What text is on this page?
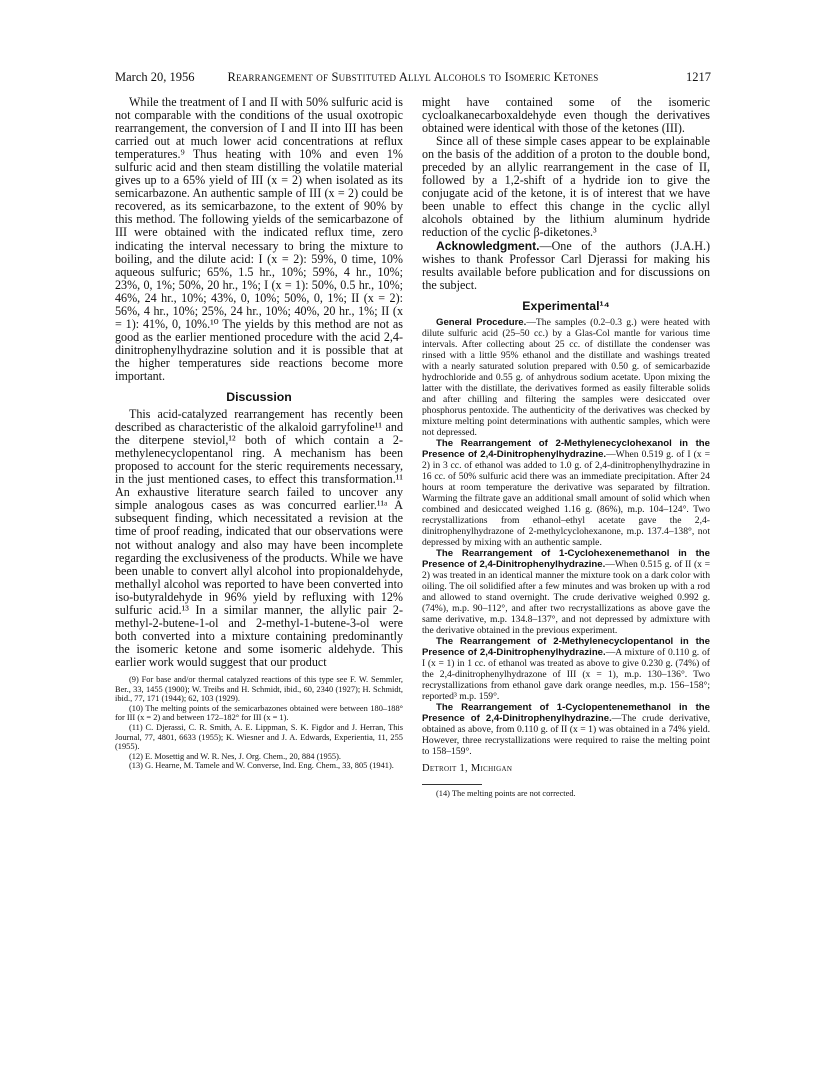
March 20, 1956	Rearrangement of Substituted Allyl Alcohols to Isomeric Ketones	1217

While the treatment of I and II with 50% sulfuric acid is not comparable with the conditions of the usual oxotropic rearrangement, the conversion of I and II into III has been carried out at much lower acid concentrations at reflux temperatures.⁹ Thus heating with 10% and even 1% sulfuric acid and then steam distilling the volatile material gives up to a 65% yield of III (x = 2) when isolated as its semicarbazone. An authentic sample of III (x = 2) could be recovered, as its semicarbazone, to the extent of 90% by this method. The following yields of the semicarbazone of III were obtained with the indicated reflux time, zero indicating the interval necessary to bring the mixture to boiling, and the dilute acid: I (x = 2): 59%, 0 time, 10% aqueous sulfuric; 65%, 1.5 hr., 10%; 59%, 4 hr., 10%; 23%, 0, 1%; 50%, 20 hr., 1%; I (x = 1): 50%, 0.5 hr., 10%; 46%, 24 hr., 10%; 43%, 0, 10%; 50%, 0, 1%; II (x = 2): 56%, 4 hr., 10%; 25%, 24 hr., 10%; 40%, 20 hr., 1%; II (x = 1): 41%, 0, 10%.¹⁰ The yields by this method are not as good as the earlier mentioned procedure with the acid 2,4-dinitrophenylhydrazine solution and it is possible that at the higher temperatures side reactions become more important.

Discussion

This acid-catalyzed rearrangement has recently been described as characteristic of the alkaloid garryfoline¹¹ and the diterpene steviol,¹² both of which contain a 2-methylenecyclopentanol ring. A mechanism has been proposed to account for the steric requirements necessary, in the just mentioned cases, to effect this transformation.¹¹ An exhaustive literature search failed to uncover any simple analogous cases as was concurred earlier.¹¹ᵃ A subsequent finding, which necessitated a revision at the time of proof reading, indicated that our observations were not without analogy and also may have been incomplete regarding the exclusiveness of the products. While we have been unable to convert allyl alcohol into propionaldehyde, methallyl alcohol was reported to have been converted into iso-butyraldehyde in 96% yield by refluxing with 12% sulfuric acid.¹³ In a similar manner, the allylic pair 2-methyl-2-butene-1-ol and 2-methyl-1-butene-3-ol were both converted into a mixture containing predominantly the isomeric ketone and some isomeric aldehyde. This earlier work would suggest that our product

(9) For base and/or thermal catalyzed reactions of this type see F. W. Semmler, Ber., 33, 1455 (1900); W. Treibs and H. Schmidt, ibid., 60, 2340 (1927); H. Schmidt, ibid., 77, 171 (1944); 62, 103 (1929).

(10) The melting points of the semicarbazones obtained were between 180–188° for III (x = 2) and between 172–182° for III (x = 1).

(11) C. Djerassi, C. R. Smith, A. E. Lippman, S. K. Figdor and J. Herran, This Journal, 77, 4801, 6633 (1955); K. Wiesner and J. A. Edwards, Experientia, 11, 255 (1955).

(12) E. Mosettig and W. R. Nes, J. Org. Chem., 20, 884 (1955).

(13) G. Hearne, M. Tamele and W. Converse, Ind. Eng. Chem., 33, 805 (1941).

might have contained some of the isomeric cycloalkanecarboxaldehyde even though the derivatives obtained were identical with those of the ketones (III).

Since all of these simple cases appear to be explainable on the basis of the addition of a proton to the double bond, preceded by an allylic rearrangement in the case of II, followed by a 1,2-shift of a hydride ion to give the conjugate acid of the ketone, it is of interest that we have been unable to effect this change in the cyclic allyl alcohols obtained by the lithium aluminum hydride reduction of the cyclic β-diketones.³

Acknowledgment.—One of the authors (J.A.H.) wishes to thank Professor Carl Djerassi for making his results available before publication and for discussions on the subject.

Experimental¹⁴

General Procedure.—The samples (0.2–0.3 g.) were heated with dilute sulfuric acid (25–50 cc.) by a Glas-Col mantle for various time intervals. After collecting about 25 cc. of distillate the condenser was rinsed with a little 95% ethanol and the distillate and washings treated with a nearly saturated solution prepared with 0.50 g. of semicarbazide hydrochloride and 0.55 g. of anhydrous sodium acetate. Upon mixing the latter with the distillate, the derivatives formed as easily filterable solids and after chilling and filtering the samples were desiccated over phosphorus pentoxide. The authenticity of the derivatives was checked by mixture melting point determinations with authentic samples, which were not depressed.

The Rearrangement of 2-Methylenecyclohexanol in the Presence of 2,4-Dinitrophenylhydrazine.—When 0.519 g. of I (x = 2) in 3 cc. of ethanol was added to 1.0 g. of 2,4-dinitrophenylhydrazine in 16 cc. of 50% sulfuric acid there was an immediate precipitation. After 24 hours at room temperature the derivative was separated by filtration. Warming the filtrate gave an additional small amount of solid which when combined and desiccated weighed 1.16 g. (86%), m.p. 104–124°. Two recrystallizations from ethanol–ethyl acetate gave the 2,4-dinitrophenylhydrazone of 2-methylcyclohexanone, m.p. 137.4–138°, not depressed by mixing with an authentic sample.

The Rearrangement of 1-Cyclohexenemethanol in the Presence of 2,4-Dinitrophenylhydrazine.—When 0.515 g. of II (x = 2) was treated in an identical manner the mixture took on a dark color with oiling. The oil solidified after a few minutes and was broken up with a rod and allowed to stand overnight. The crude derivative weighed 0.992 g. (74%), m.p. 90–112°, and after two recrystallizations as above gave the same derivative, m.p. 134.8–137°, and not depressed by admixture with the derivative obtained in the previous experiment.

The Rearrangement of 2-Methylenecyclopentanol in the Presence of 2,4-Dinitrophenylhydrazine.—A mixture of 0.110 g. of I (x = 1) in 1 cc. of ethanol was treated as above to give 0.230 g. (74%) of the 2,4-dinitrophenylhydrazone of III (x = 1), m.p. 130–136°. Two recrystallizations from ethanol gave dark orange needles, m.p. 156–158°; reported³ m.p. 159°.

The Rearrangement of 1-Cyclopentenemethanol in the Presence of 2,4-Dinitrophenylhydrazine.—The crude derivative, obtained as above, from 0.110 g. of II (x = 1) was obtained in a 74% yield. However, three recrystallizations were required to raise the melting point to 158–159°.

Detroit 1, Michigan

(14) The melting points are not corrected.
